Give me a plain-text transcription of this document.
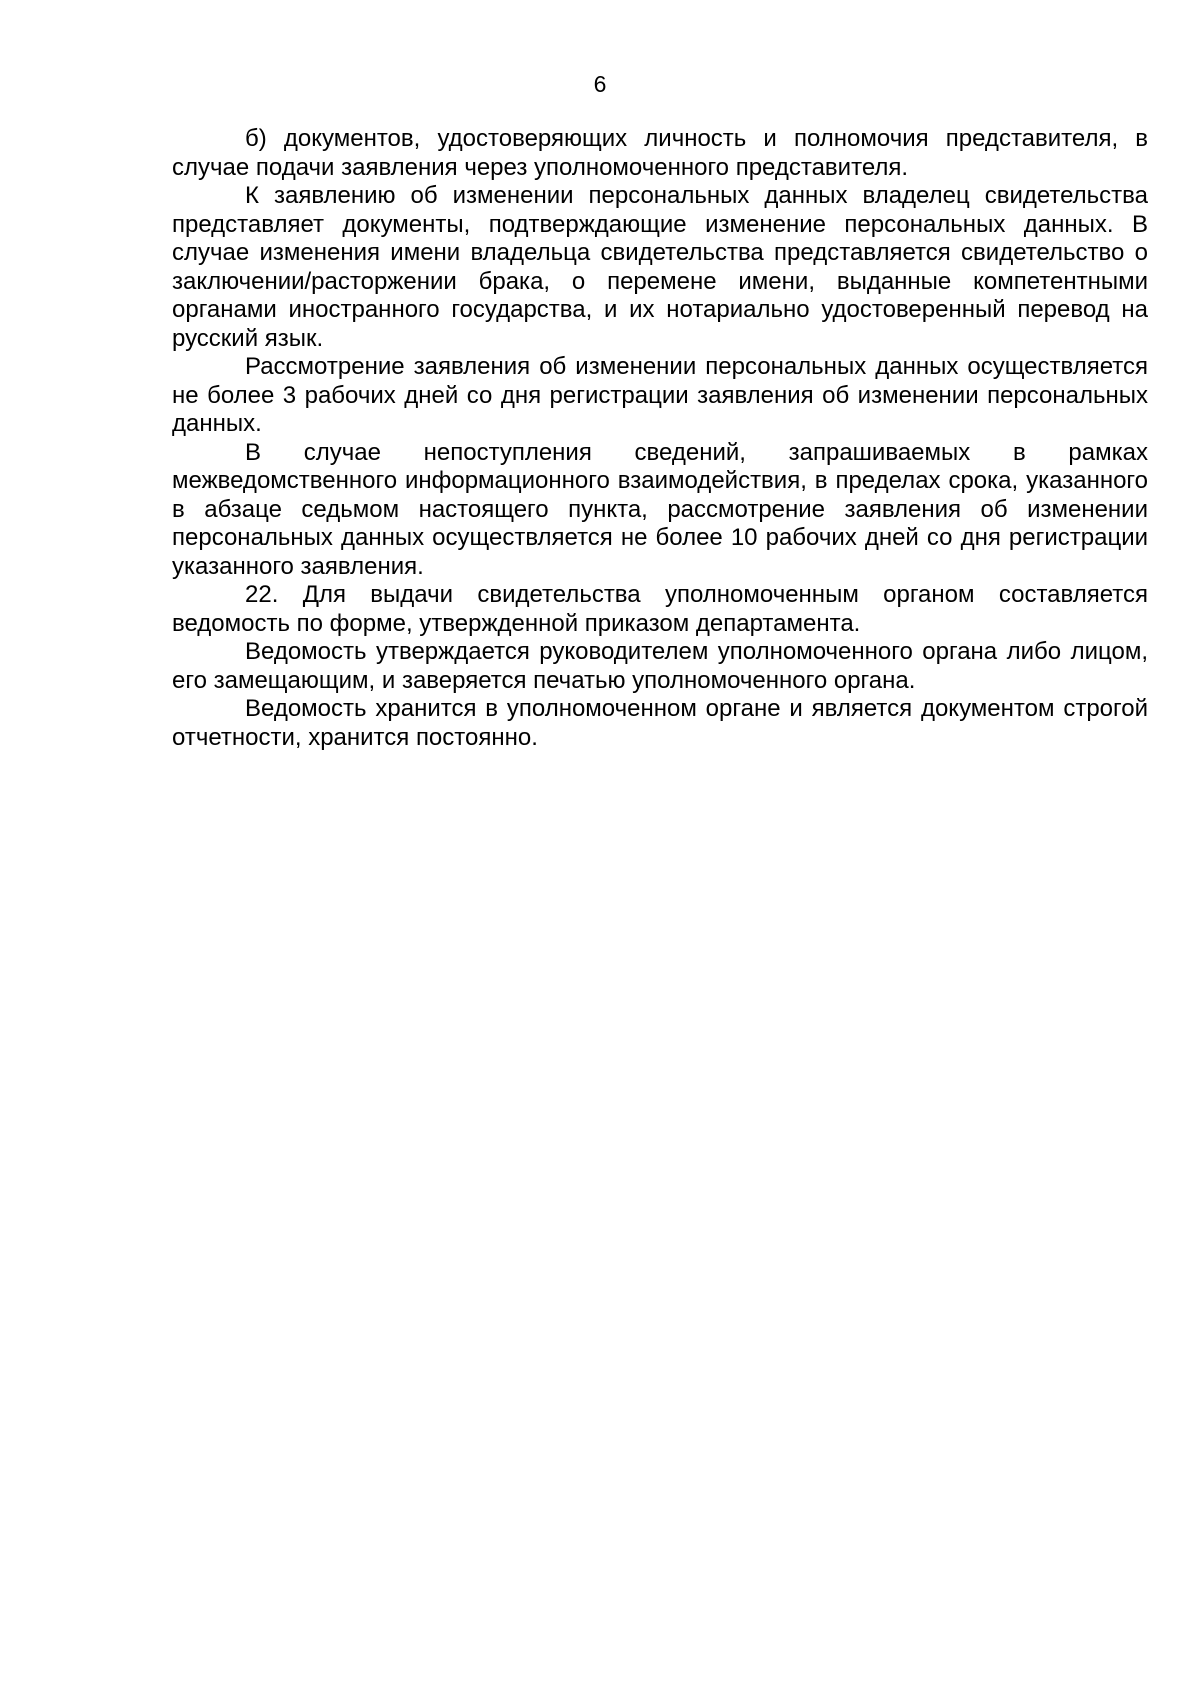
6

б) документов, удостоверяющих личность и полномочия представителя, в случае подачи заявления через уполномоченного представителя.

К заявлению об изменении персональных данных владелец свидетельства представляет документы, подтверждающие изменение персональных данных. В случае изменения имени владельца свидетельства представляется свидетельство о заключении/расторжении брака, о перемене имени, выданные компетентными органами иностранного государства, и их нотариально удостоверенный перевод на русский язык.

Рассмотрение заявления об изменении персональных данных осуществляется не более 3 рабочих дней со дня регистрации заявления об изменении персональных данных.

В случае непоступления сведений, запрашиваемых в рамках межведомственного информационного взаимодействия, в пределах срока, указанного в абзаце седьмом настоящего пункта, рассмотрение заявления об изменении персональных данных осуществляется не более 10 рабочих дней со дня регистрации указанного заявления.

22. Для выдачи свидетельства уполномоченным органом составляется ведомость по форме, утвержденной приказом департамента.

Ведомость утверждается руководителем уполномоченного органа либо лицом, его замещающим, и заверяется печатью уполномоченного органа.

Ведомость хранится в уполномоченном органе и является документом строгой отчетности, хранится постоянно.
